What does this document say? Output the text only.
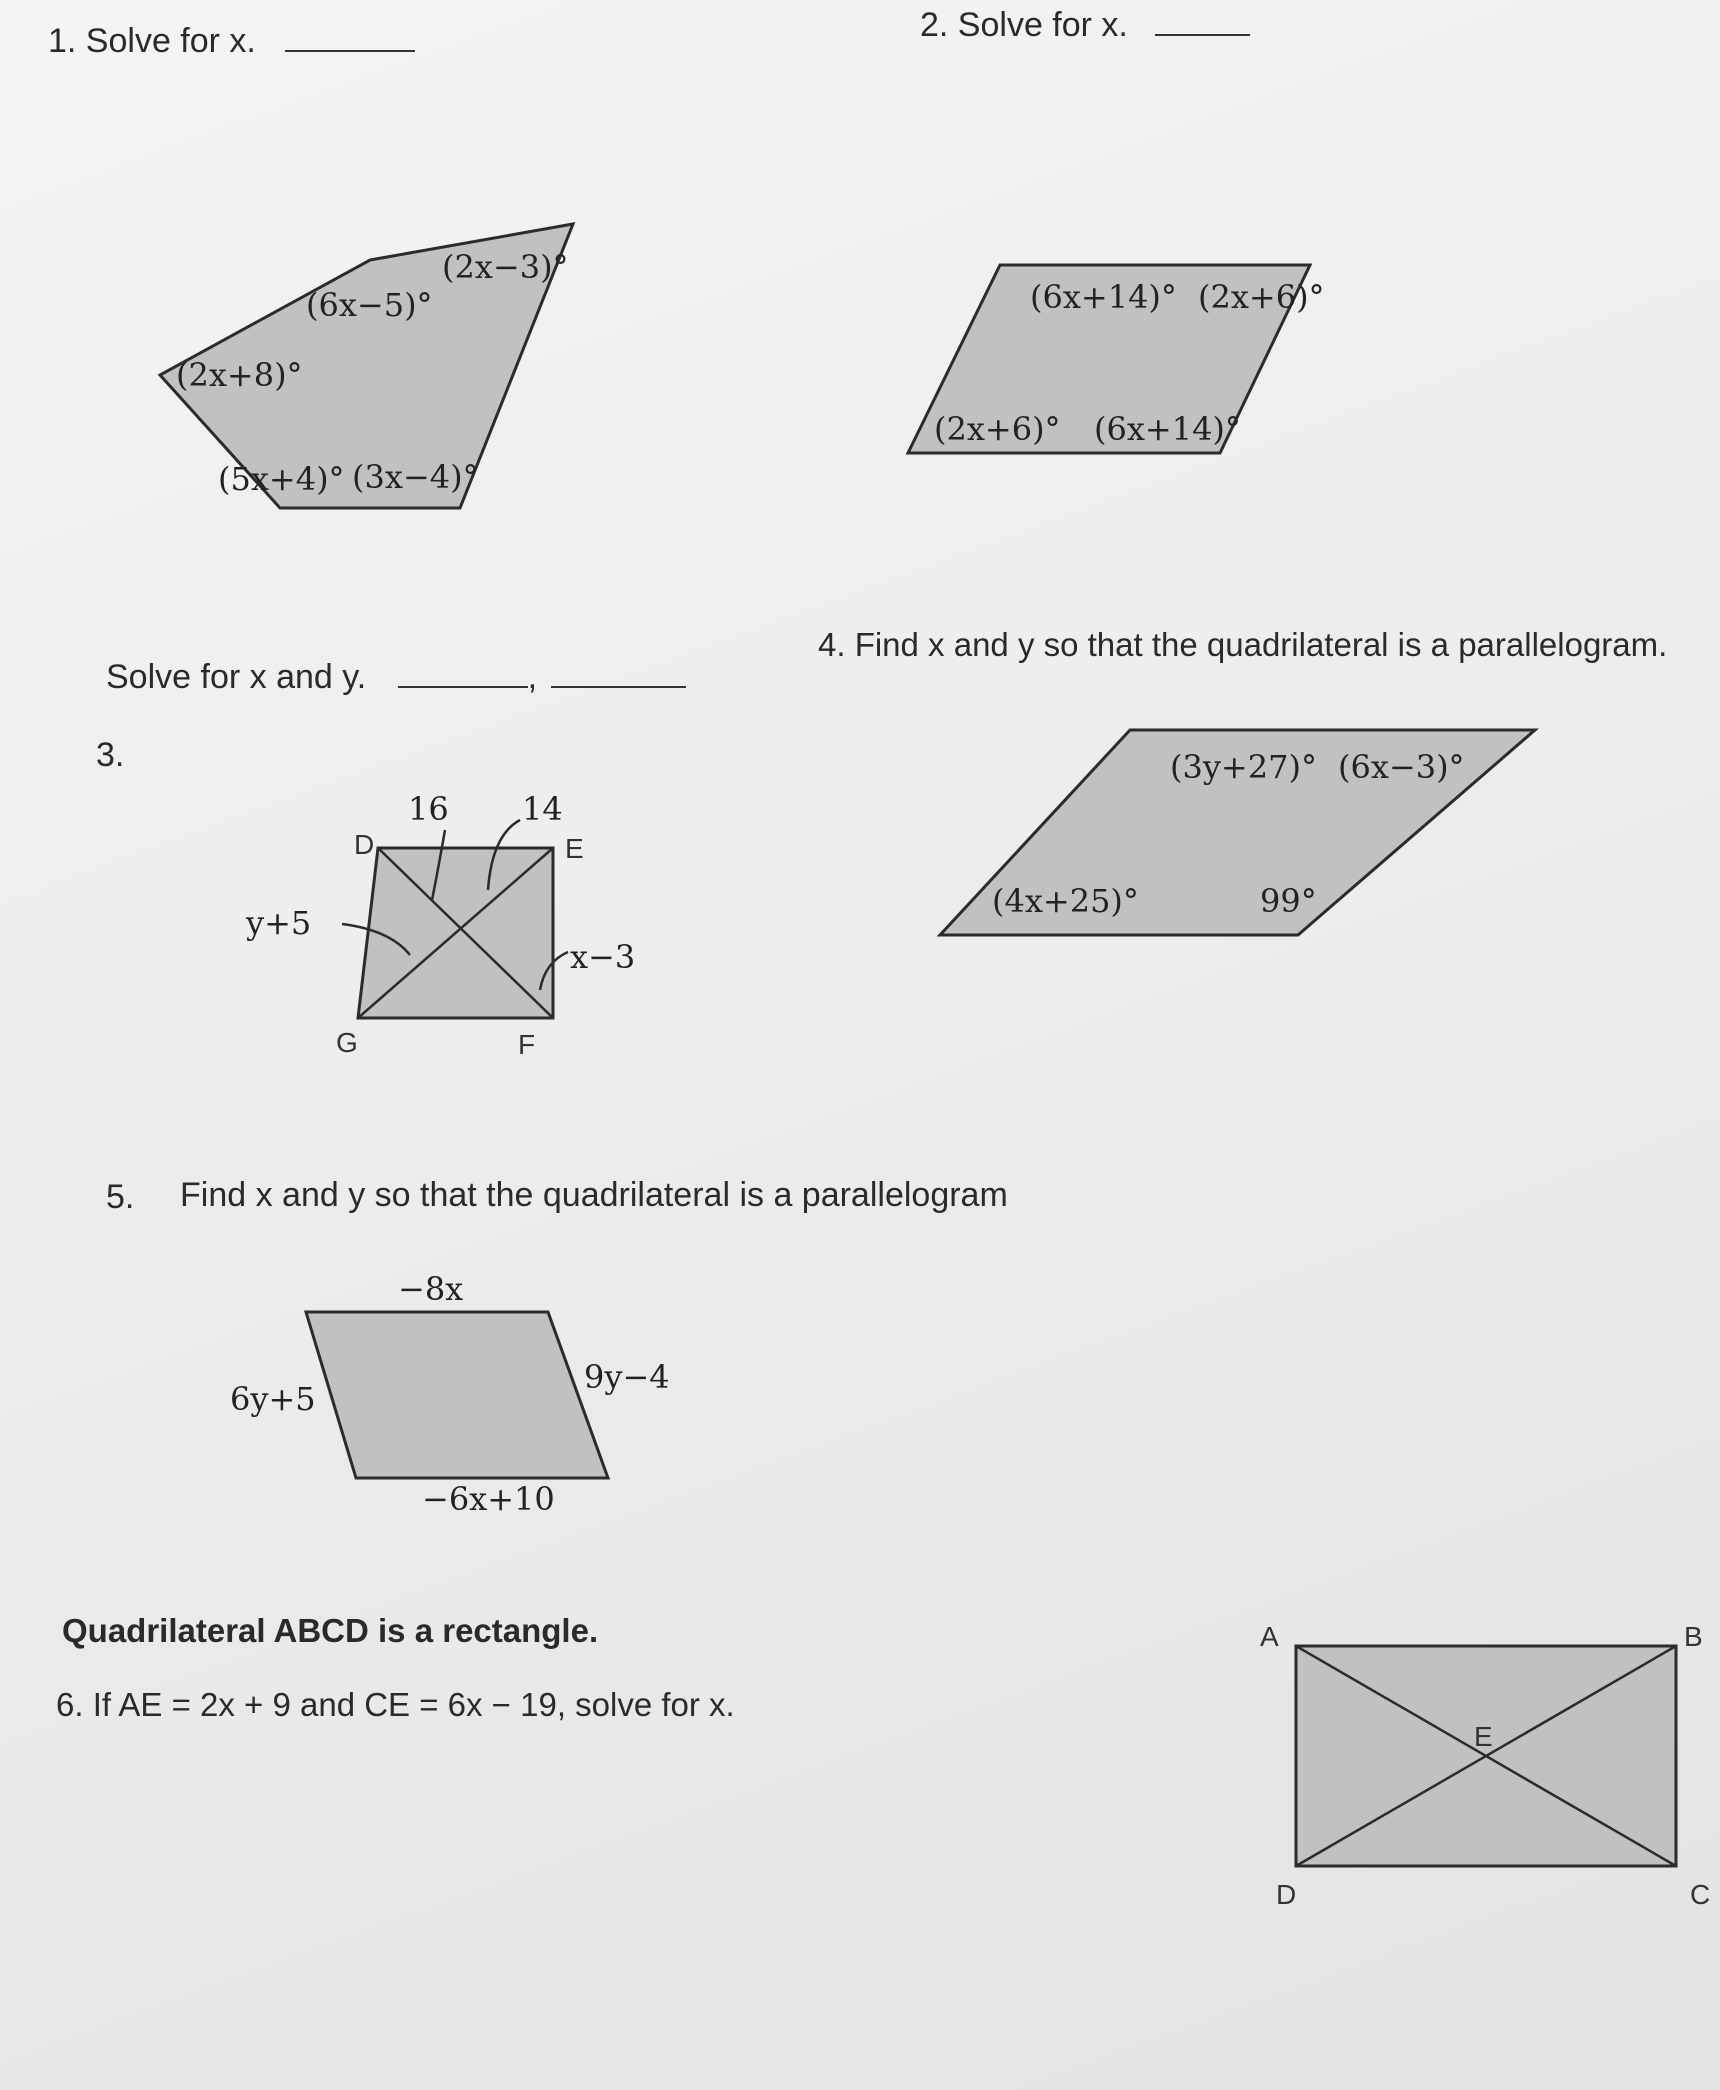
1. Solve for x.	2. Solve for x.
Solve for x and y.	,
3.
4. Find x and y so that the quadrilateral is a parallelogram.
5. Find x and y so that the quadrilateral is a parallelogram
Quadrilateral ABCD is a rectangle.
6. If AE = 2x + 9 and CE = 6x − 19, solve for x.
(6x−5)°
(2x−3)°
(2x+8)°
(5x+4)° (3x−4)°
(6x+14)° (2x+6)°
(2x+6)° (6x+14)°
16 14
y+5
x−3
D	E
G	F
(3y+27)° (6x−3)°
(4x+25)°	99°
−8x
6y+5
9y−4
−6x+10
A	B
C
D
E
